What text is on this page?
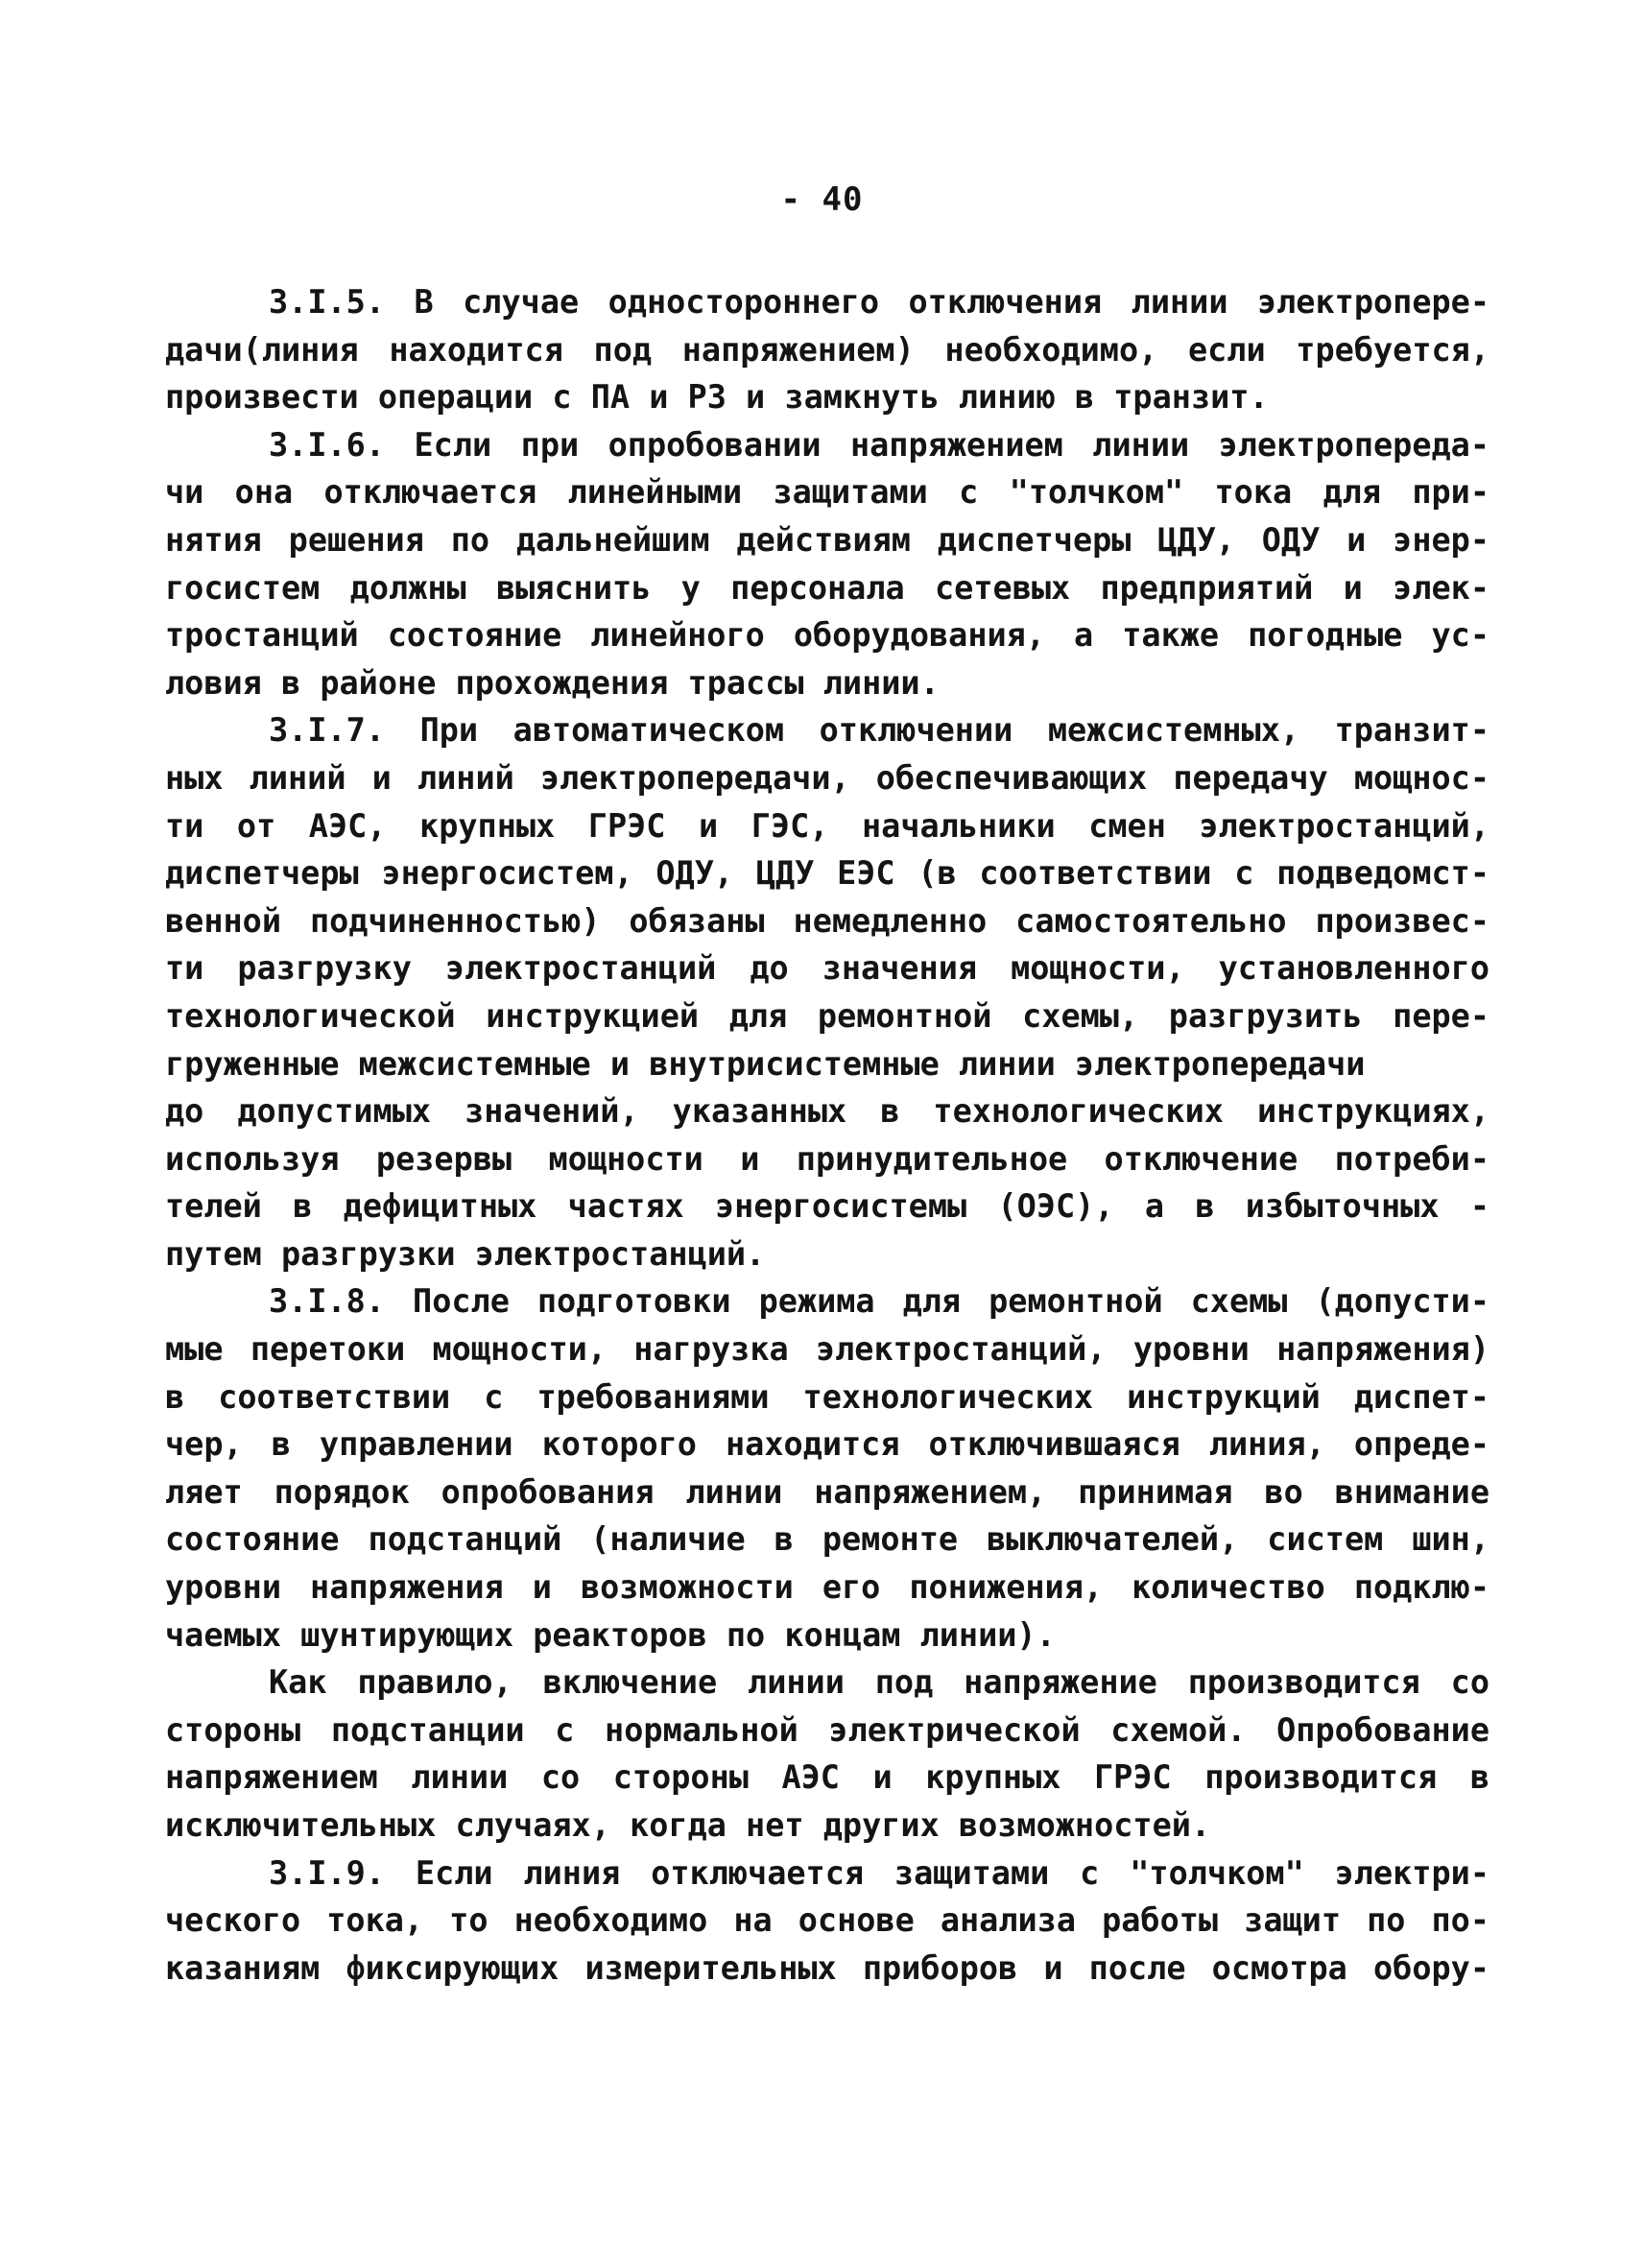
- 40
3.I.5. В случае одностороннего отключения линии электропере-
дачи(линия находится под напряжением) необходимо, если требуется,
произвести операции с ПА и РЗ и замкнуть линию в транзит.
3.I.6. Если при опробовании напряжением линии электропереда-
чи она отключается линейными защитами с "толчком" тока для при-
нятия решения по дальнейшим действиям диспетчеры ЦДУ, ОДУ и энер-
госистем должны выяснить у персонала сетевых предприятий и элек-
тростанций состояние линейного оборудования, а также погодные ус-
ловия в районе прохождения трассы линии.
3.I.7. При автоматическом отключении межсистемных, транзит-
ных линий и линий электропередачи, обеспечивающих передачу мощнос-
ти от АЭС, крупных ГРЭС и ГЭС, начальники смен электростанций,
диспетчеры энергосистем, ОДУ, ЦДУ ЕЭС (в соответствии с подведомст-
венной подчиненностью) обязаны немедленно самостоятельно произвес-
ти разгрузку электростанций до значения мощности, установленного
технологической инструкцией для ремонтной схемы, разгрузить пере-
груженные межсистемные и внутрисистемные линии электропередачи
до допустимых значений, указанных в технологических инструкциях,
используя резервы мощности и принудительное отключение потреби-
телей в дефицитных частях энергосистемы (ОЭС), а в избыточных -
путем разгрузки электростанций.
3.I.8. После подготовки режима для ремонтной схемы (допусти-
мые перетоки мощности, нагрузка электростанций, уровни напряжения)
в соответствии с требованиями технологических инструкций диспет-
чер, в управлении которого находится отключившаяся линия, опреде-
ляет порядок опробования линии напряжением, принимая во внимание
состояние подстанций (наличие в ремонте выключателей, систем шин,
уровни напряжения и возможности его понижения, количество подклю-
чаемых шунтирующих реакторов по концам линии).
Как правило, включение линии под напряжение производится со
стороны подстанции с нормальной электрической схемой. Опробование
напряжением линии со стороны АЭС и крупных ГРЭС производится в
исключительных случаях, когда нет других возможностей.
3.I.9. Если линия отключается защитами с "толчком" электри-
ческого тока, то необходимо на основе анализа работы защит по по-
казаниям фиксирующих измерительных приборов и после осмотра обору-
